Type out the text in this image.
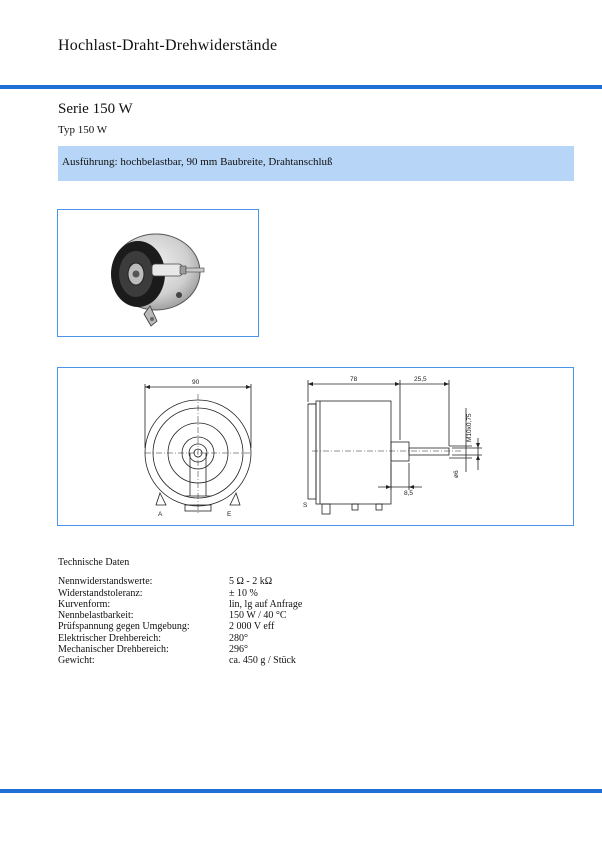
Hochlast-Draht-Drehwiderstände
Serie 150 W
Typ 150 W
Ausführung: hochbelastbar, 90 mm Baubreite, Drahtanschluß
90	78	25,5
8,5
M10x0,75
ø6
A	E
S
Technische Daten
Nennwiderstandswerte:	5 Ω - 2 kΩ
Widerstandstoleranz:	± 10 %
Kurvenform:	lin, lg auf Anfrage
Nennbelastbarkeit:	150 W / 40 °C
Prüfspannung gegen Umgebung:	2 000 V eff
Elektrischer Drehbereich:	280°
Mechanischer Drehbereich:	296°
Gewicht:	ca. 450 g / Stück
